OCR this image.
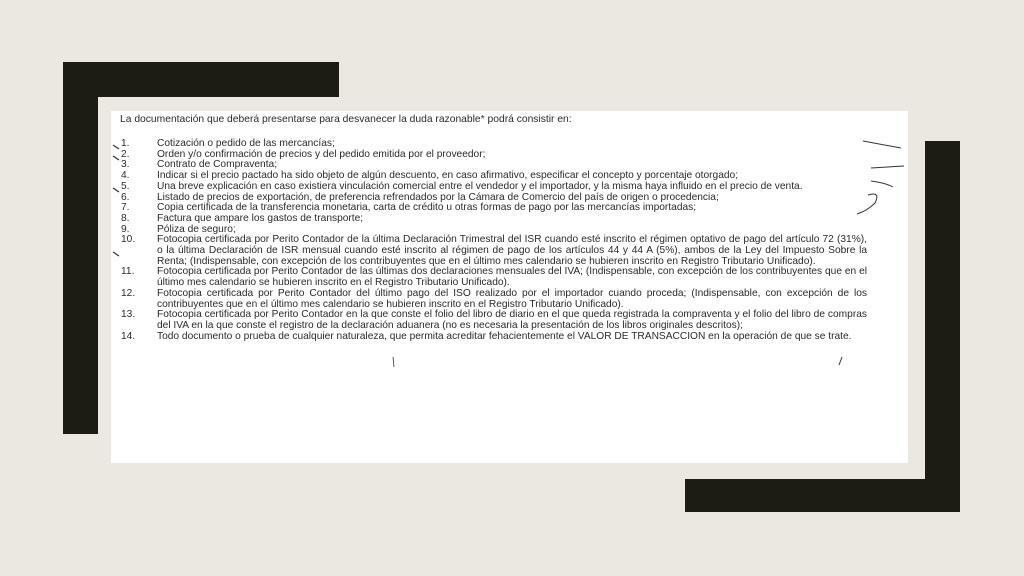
La documentación que deberá presentarse para desvanecer la duda razonable* podrá consistir en:
1.	Cotización o pedido de las mercancías;
2.	Orden y/o confirmación de precios y del pedido emitida por el proveedor;
3.	Contrato de Compraventa;
4.	Indicar si el precio pactado ha sido objeto de algún descuento, en caso afirmativo, especificar el concepto y porcentaje otorgado;
5.	Una breve explicación en caso existiera vinculación comercial entre el vendedor y el importador, y la misma haya influido en el precio de venta.
6.	Listado de precios de exportación, de preferencia refrendados por la Cámara de Comercio del país de origen o procedencia;
7.	Copia certificada de la transferencia monetaria, carta de crédito u otras formas de pago por las mercancías importadas;
8.	Factura que ampare los gastos de transporte;
9.	Póliza de seguro;
10.	Fotocopia certificada por Perito Contador de la última Declaración Trimestral del ISR cuando esté inscrito el régimen optativo de pago del artículo 72 (31%), o la última Declaración de ISR mensual cuando esté inscrito al régimen de pago de los artículos 44 y 44 A (5%), ambos de la Ley del Impuesto Sobre la Renta; (Indispensable, con excepción de los contribuyentes que en el último mes calendario se hubieren inscrito en Registro Tributario Unificado).
11.	Fotocopia certificada por Perito Contador de las últimas dos declaraciones mensuales del IVA; (Indispensable, con excepción de los contribuyentes que en el último mes calendario se hubieren inscrito en el Registro Tributario Unificado).
12.	Fotocopia certificada por Perito Contador del último pago del ISO realizado por el importador cuando proceda; (Indispensable, con excepción de los contribuyentes que en el último mes calendario se hubieren inscrito en el Registro Tributario Unificado).
13.	Fotocopia certificada por Perito Contador en la que conste el folio del libro de diario en el que queda registrada la compraventa y el folio del libro de compras del IVA en la que conste el registro de la declaración aduanera (no es necesaria la presentación de los libros originales descritos);
14.	Todo documento o prueba de cualquier naturaleza, que permita acreditar fehacientemente el VALOR DE TRANSACCION en la operación de que se trate.
